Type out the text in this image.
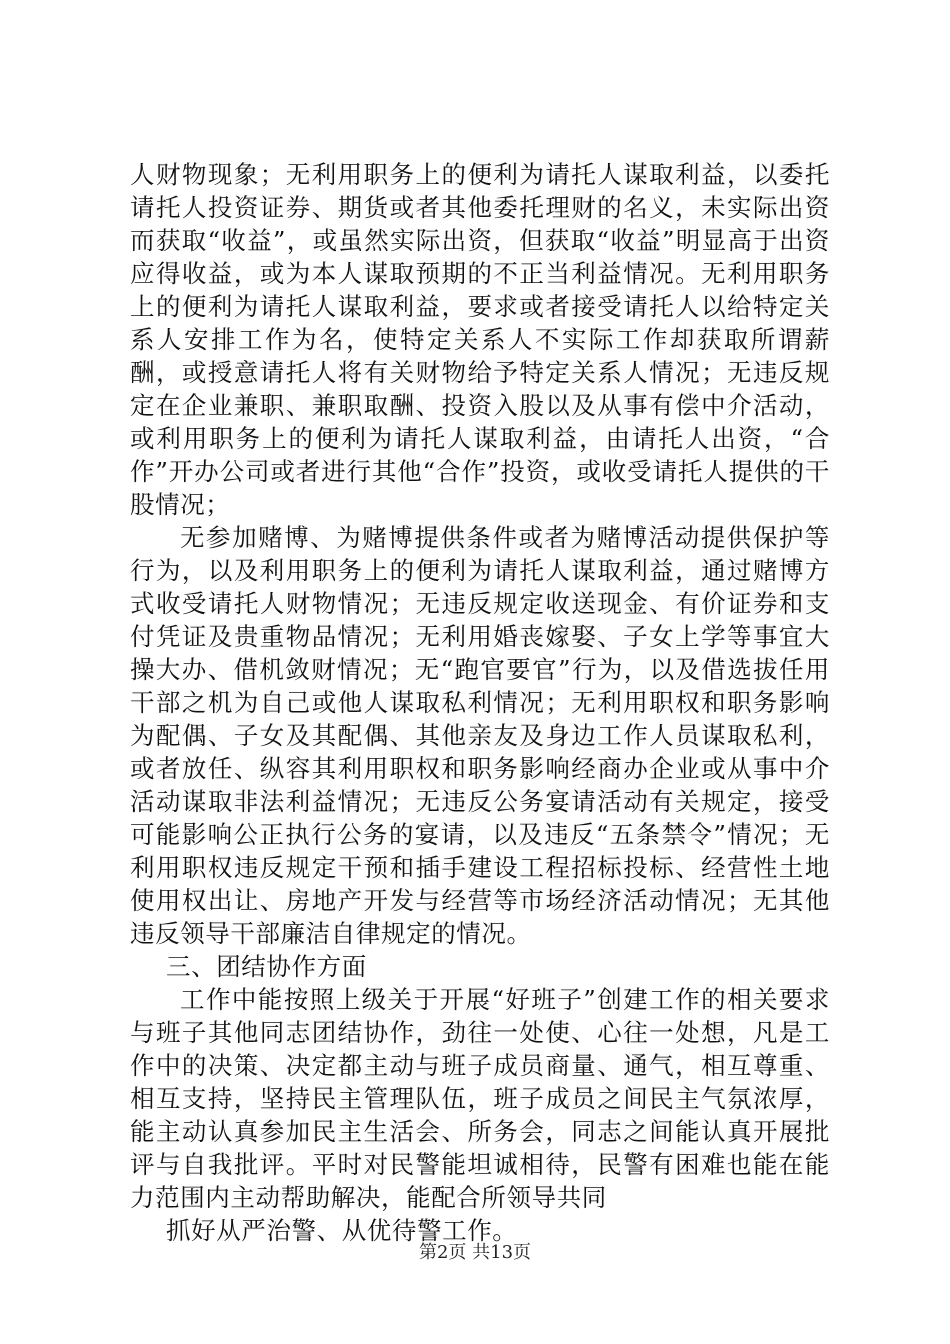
人财物现象；无利用职务上的便利为请托人谋取利益，以委托请托人投资证券、期货或者其他委托理财的名义，未实际出资而获取“收益”，或虽然实际出资，但获取“收益”明显高于出资应得收益，或为本人谋取预期的不正当利益情况。无利用职务上的便利为请托人谋取利益，要求或者接受请托人以给特定关系人安排工作为名，使特定关系人不实际工作却获取所谓薪酬，或授意请托人将有关财物给予特定关系人情况；无违反规定在企业兼职、兼职取酬、投资入股以及从事有偿中介活动，或利用职务上的便利为请托人谋取利益，由请托人出资，“合作”开办公司或者进行其他“合作”投资，或收受请托人提供的干股情况；

无参加赌博、为赌博提供条件或者为赌博活动提供保护等行为，以及利用职务上的便利为请托人谋取利益，通过赌博方式收受请托人财物情况；无违反规定收送现金、有价证券和支付凭证及贵重物品情况；无利用婚丧嫁娶、子女上学等事宜大操大办、借机敛财情况；无“跑官要官”行为，以及借选拔任用干部之机为自己或他人谋取私利情况；无利用职权和职务影响为配偶、子女及其配偶、其他亲友及身边工作人员谋取私利，或者放任、纵容其利用职权和职务影响经商办企业或从事中介活动谋取非法利益情况；无违反公务宴请活动有关规定，接受可能影响公正执行公务的宴请，以及违反“五条禁令”情况；无利用职权违反规定干预和插手建设工程招标投标、经营性土地使用权出让、房地产开发与经营等市场经济活动情况；无其他违反领导干部廉洁自律规定的情况。

三、团结协作方面

工作中能按照上级关于开展“好班子”创建工作的相关要求与班子其他同志团结协作，劲往一处使、心往一处想，凡是工作中的决策、决定都主动与班子成员商量、通气，相互尊重、相互支持，坚持民主管理队伍，班子成员之间民主气氛浓厚，能主动认真参加民主生活会、所务会，同志之间能认真开展批评与自我批评。平时对民警能坦诚相待，民警有困难也能在能力范围内主动帮助解决，能配合所领导共同

抓好从严治警、从优待警工作。

第2页 共13页
